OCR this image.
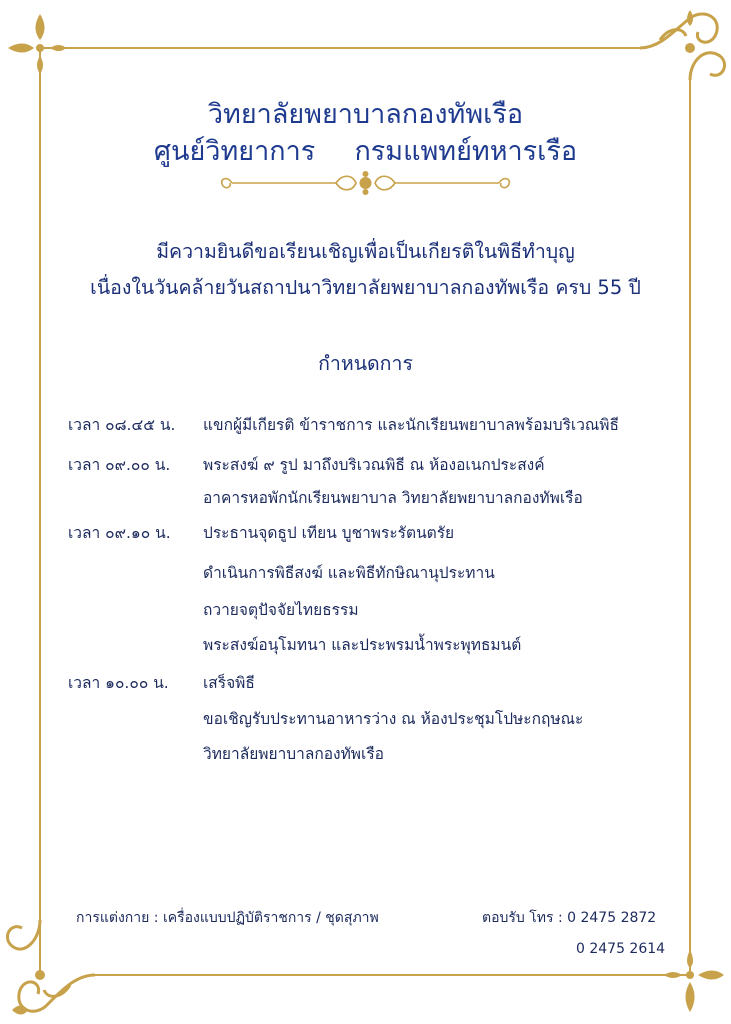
วิทยาลัยพยาบาลกองทัพเรือ
ศูนย์วิทยาการ กรมแพทย์ทหารเรือ
มีความยินดีขอเรียนเชิญเพื่อเป็นเกียรติในพิธีทำบุญ
เนื่องในวันคล้ายวันสถาปนาวิทยาลัยพยาบาลกองทัพเรือ ครบ 55 ปี
กำหนดการ
เวลา ๐๘.๔๕ น.	แขกผู้มีเกียรติ ข้าราชการ และนักเรียนพยาบาลพร้อมบริเวณพิธี
เวลา ๐๙.๐๐ น.	พระสงฆ์ ๙ รูป มาถึงบริเวณพิธี ณ ห้องอเนกประสงค์
อาคารหอพักนักเรียนพยาบาล วิทยาลัยพยาบาลกองทัพเรือ
เวลา ๐๙.๑๐ น.	ประธานจุดธูป เทียน บูชาพระรัตนตรัย
ดำเนินการพิธีสงฆ์ และพิธีทักษิณานุประทาน
ถวายจตุปัจจัยไทยธรรม
พระสงฆ์อนุโมทนา และประพรมน้ำพระพุทธมนต์
เวลา ๑๐.๐๐ น.	เสร็จพิธี
ขอเชิญรับประทานอาหารว่าง ณ ห้องประชุมโปษะกฤษณะ
วิทยาลัยพยาบาลกองทัพเรือ
การแต่งกาย : เครื่องแบบปฏิบัติราชการ / ชุดสุภาพ	ตอบรับ โทร : 0 2475 2872
0 2475 2614
